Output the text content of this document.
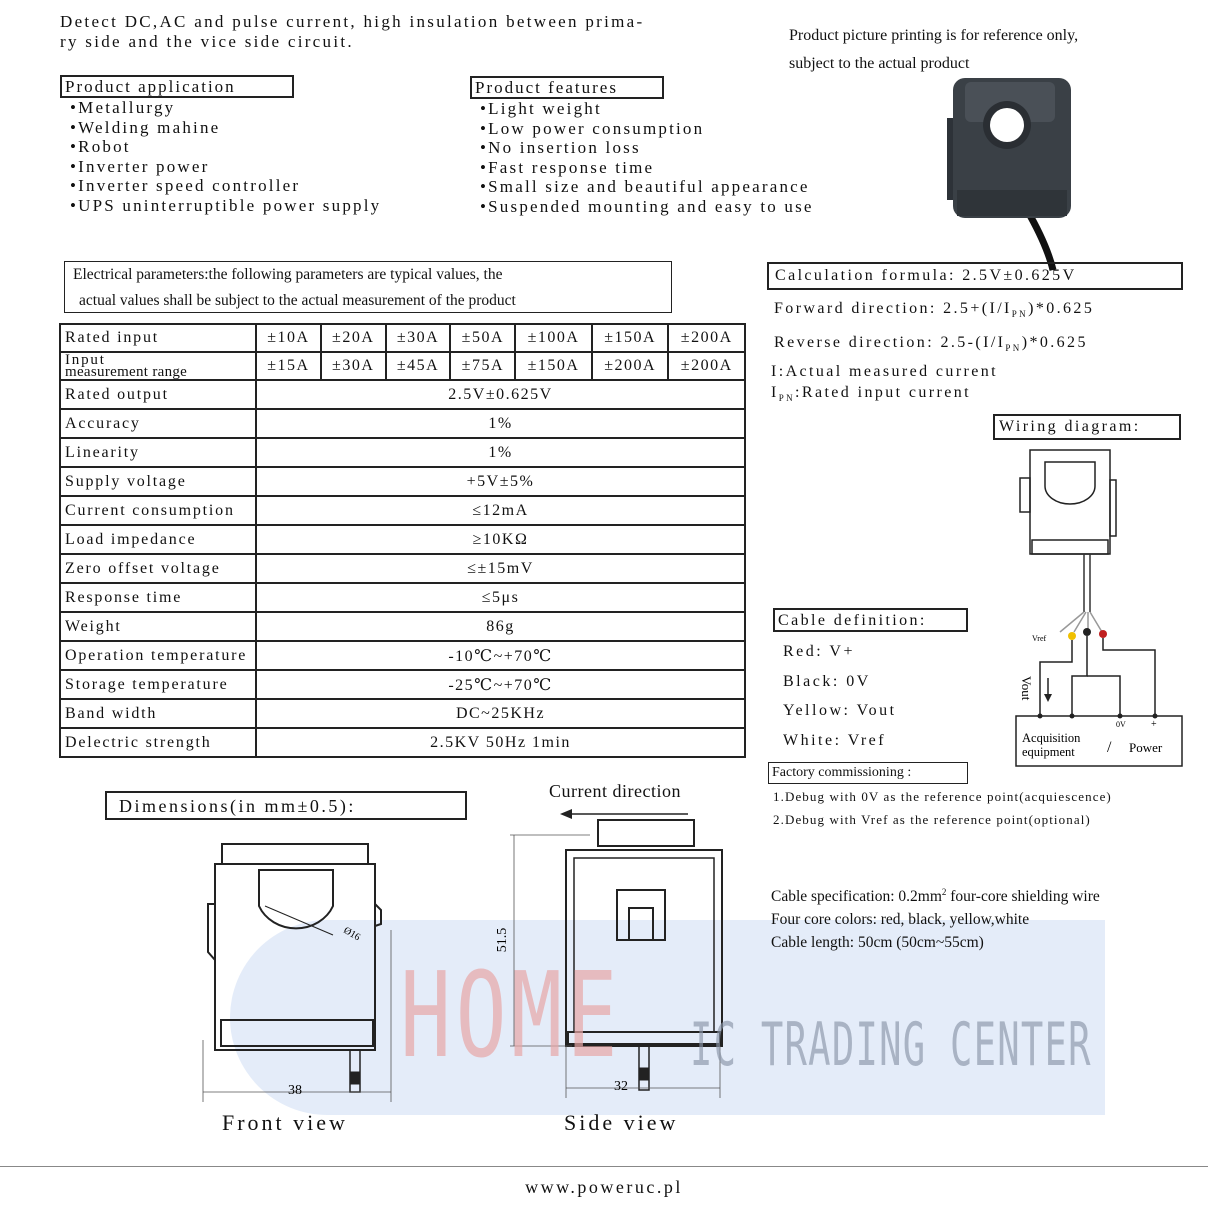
Detect DC,AC and pulse current, high insulation between prima-
ry side and the vice side circuit.	Product picture printing is for reference only,
subject to the actual product
Product application
•Metallurgy
•Welding mahine
•Robot
•Inverter power
•Inverter speed controller
•UPS uninterruptible power supply
Product features
•Light weight
•Low power consumption
•No insertion loss
•Fast response time
•Small size and beautiful appearance
•Suspended mounting and easy to use
Electrical parameters:the following parameters are typical values, the
actual values shall be subject to the actual measurement of the product
Rated input	±10A	±20A	±30A	±50A	±100A	±150A	±200A

Input
measurement range	±15A	±30A	±45A	±75A	±150A	±200A	±200A
Rated output	2.5V±0.625V						
Accuracy	1%						
Linearity	1%						
Supply voltage	+5V±5%						
Current consumption	≤12mA						
Load impedance	≥10KΩ						
Zero offset voltage	≤±15mV						
Response time	≤5μs						
Weight	86g						
Operation temperature	-10℃~+70℃						
Storage temperature	-25℃~+70℃						
Band width	DC~25KHz						
Delectric strength	2.5KV 50Hz 1min						
Calculation formula: 2.5V±0.625V
Forward direction: $2.5+(I/I_{PN})*0.625$
Reverse direction: $2.5-(I/I_{PN})*0.625$
I:Actual measured current
$I_{PN}:Rated$ input current
Wiring diagram:
Vref
Vout
0V	+
Acquisition
equipment / Power
Cable definition:
Red: V+
Black: 0V
Yellow: Vout
White: Vref
Factory commissioning :
1.Debug with 0V as the reference point(acquiescence)
2.Debug with Vref as the reference point(optional)
Cable specification: $0.2mm^2$ four-core shielding wire
Four core colors: red, black, yellow,white
Cable length: 50cm (50cm~55cm)
Dimensions(in mm±0.5):
Current direction
Ø16
38
51.5
32
HOME IC TRADING CENTER
Front view	Side view
www.poweruc.pl
